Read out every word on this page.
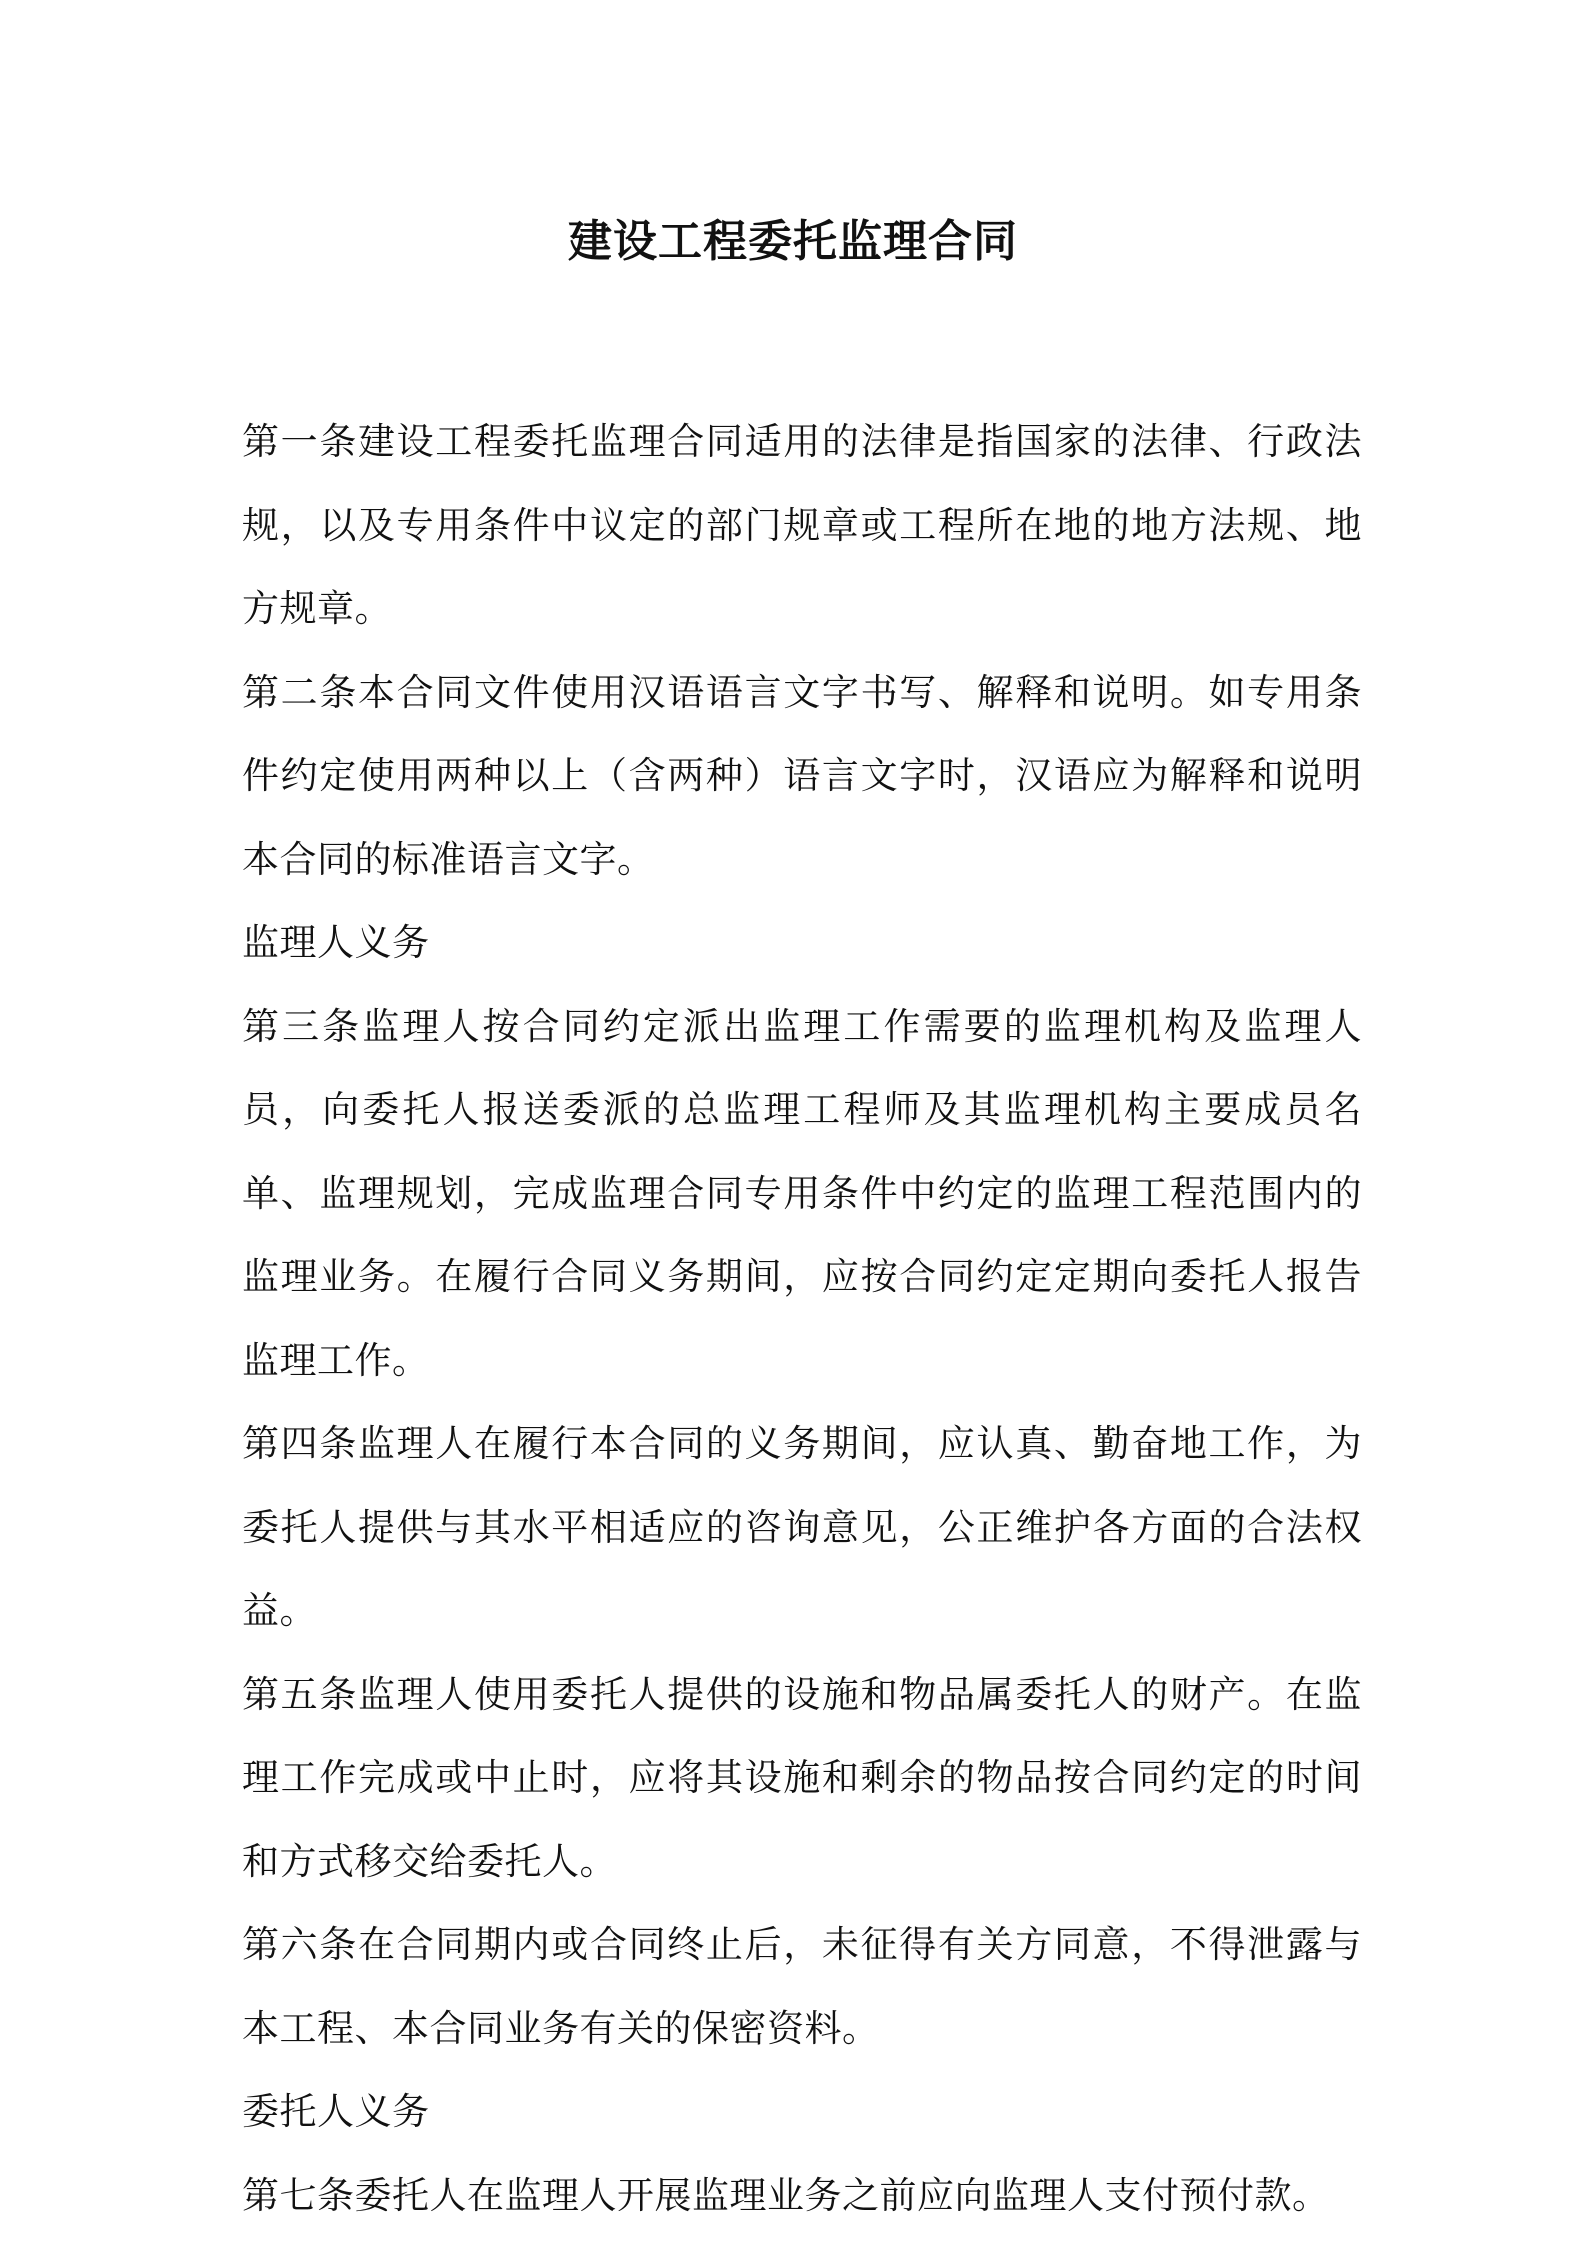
建设工程委托监理合同

第一条建设工程委托监理合同适用的法律是指国家的法律、行政法规，以及专用条件中议定的部门规章或工程所在地的地方法规、地方规章。

第二条本合同文件使用汉语语言文字书写、解释和说明。如专用条件约定使用两种以上（含两种）语言文字时，汉语应为解释和说明本合同的标准语言文字。

监理人义务

第三条监理人按合同约定派出监理工作需要的监理机构及监理人员，向委托人报送委派的总监理工程师及其监理机构主要成员名单、监理规划，完成监理合同专用条件中约定的监理工程范围内的监理业务。在履行合同义务期间，应按合同约定定期向委托人报告监理工作。

第四条监理人在履行本合同的义务期间，应认真、勤奋地工作，为委托人提供与其水平相适应的咨询意见，公正维护各方面的合法权益。

第五条监理人使用委托人提供的设施和物品属委托人的财产。在监理工作完成或中止时，应将其设施和剩余的物品按合同约定的时间和方式移交给委托人。

第六条在合同期内或合同终止后，未征得有关方同意，不得泄露与本工程、本合同业务有关的保密资料。

委托人义务

第七条委托人在监理人开展监理业务之前应向监理人支付预付款。
